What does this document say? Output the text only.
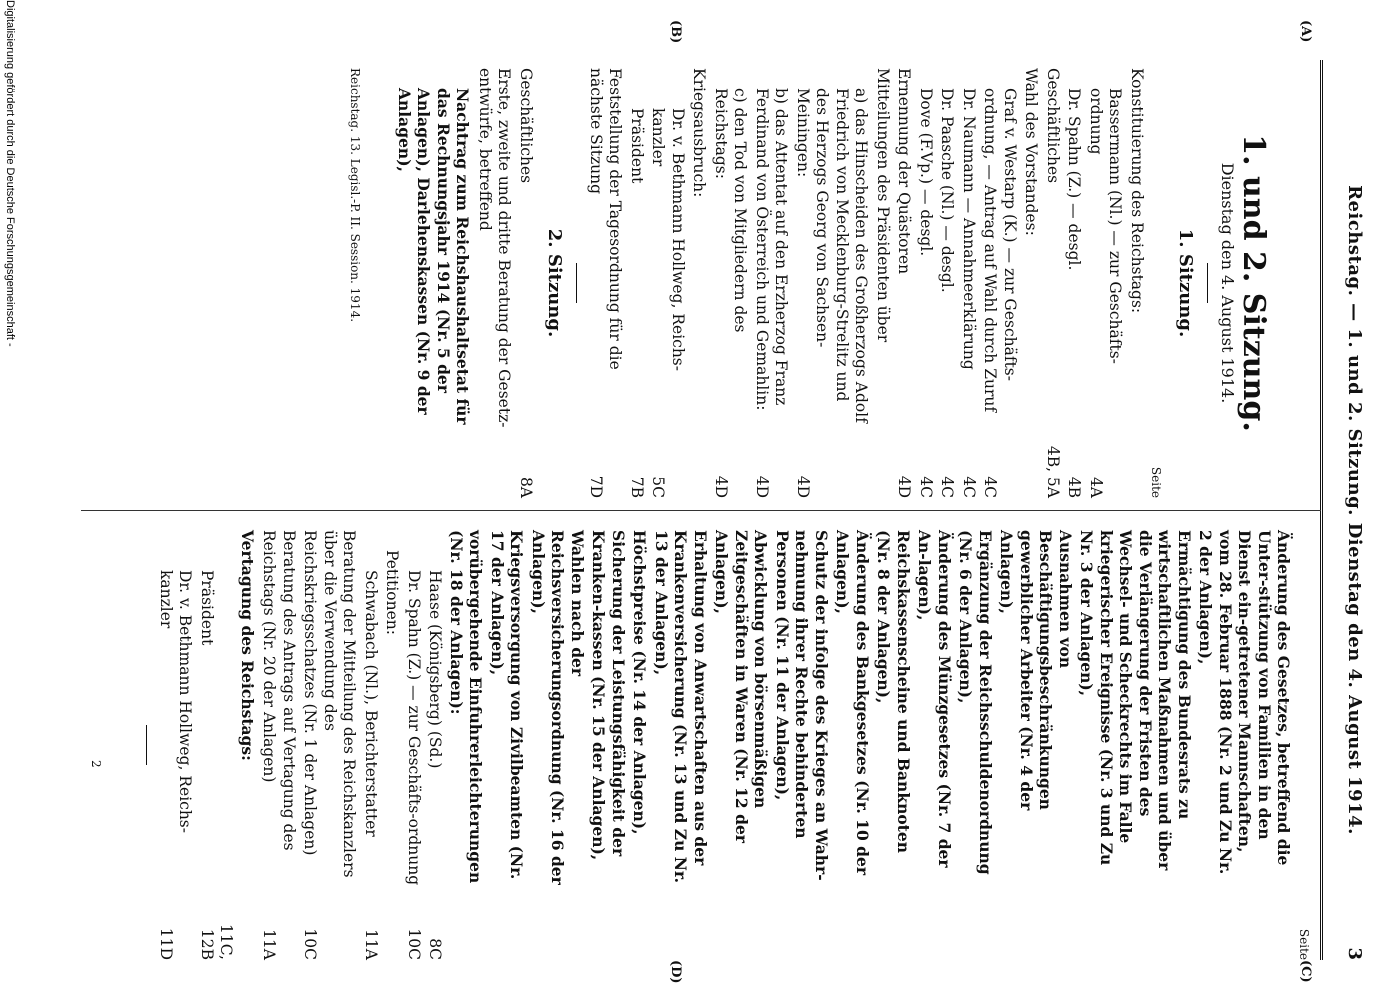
Reichstag. — 1. und 2. Sitzung. Dienstag den 4. August 1914.
3
(A)
(B)
(C)
(D)
1. und 2. Sitzung.
Dienstag den 4. August 1914.
1. Sitzung.
Seite
Konstituierung des Reichstags:
Bassermann (Nl.) — zur Geschäfts-ordnung
4A
Dr. Spahn (Z.) — desgl.
4B
Geschäftliches
4B, 5A
Wahl des Vorstandes:
Graf v. Westarp (K.) — zur Geschäfts-ordnung, — Antrag auf Wahl durch Zuruf
4C
Dr. Naumann — Annahmeerklärung
4C
Dr. Paasche (Nl.) — desgl.
4C
Dove (F.Vp.) — desgl.
4C
Ernennung der Quästoren
4D
Mitteilungen des Präsidenten über
a) das Hinscheiden des Großherzogs Adolf Friedrich von Mecklenburg-Strelitz und des Herzogs Georg von Sachsen-Meiningen:
4D
b) das Attentat auf den Erzherzog Franz Ferdinand von Österreich und Gemahlin:
4D
c) den Tod von Mitgliedern des Reichstags:
4D
Kriegsausbruch:
Dr. v. Bethmann Hollweg, Reichs-kanzler
5C
Präsident
7B
Feststellung der Tagesordnung für die nächste Sitzung
7D
2. Sitzung.
Geschäftliches
8A
Erste, zweite und dritte Beratung der Gesetz-entwürfe, betreffend
Nachtrag zum Reichshaushaltsetat für das Rechnungsjahr 1914 (Nr. 5 der Anlagen), Darlehenskassen (Nr. 9 der Anlagen),
Reichstag. 13. Legisl.-P. II. Session. 1914.
Seite
Änderung des Gesetzes, betreffend die Unter-stützung von Familien in den Dienst ein-getretener Mannschaften, vom 28. Februar 1888 (Nr. 2 und Zu Nr. 2 der Anlagen),
Ermächtigung des Bundesrats zu wirtschaftlichen Maßnahmen und über die Verlängerung der Fristen des Wechsel- und Scheckrechts im Falle kriegerischer Ereignisse (Nr. 3 und Zu Nr. 3 der Anlagen),
Ausnahmen von Beschäftigungsbeschränkungen gewerblicher Arbeiter (Nr. 4 der Anlagen),
Ergänzung der Reichsschuldenordnung (Nr. 6 der Anlagen),
Änderung des Münzgesetzes (Nr. 7 der An-lagen),
Reichskassenscheine und Banknoten (Nr. 8 der Anlagen),
Änderung des Bankgesetzes (Nr. 10 der Anlagen),
Schutz der infolge des Krieges an Wahr-nehmung ihrer Rechte behinderten Personen (Nr. 11 der Anlagen),
Abwicklung von börsenmäßigen Zeitgeschäften in Waren (Nr. 12 der Anlagen),
Erhaltung von Anwartschaften aus der Krankenversicherung (Nr. 13 und Zu Nr. 13 der Anlagen),
Höchstpreise (Nr. 14 der Anlagen),
Sicherung der Leistungsfähigkeit der Kranken-kassen (Nr. 15 der Anlagen),
Wahlen nach der Reichsversicherungsordnung (Nr. 16 der Anlagen),
Kriegsversorgung von Zivilbeamten (Nr. 17 der Anlagen),
vorübergehende Einfuhrerleichterungen (Nr. 18 der Anlagen):
Haase (Königsberg) (Sd.)
8C
Dr. Spahn (Z.) — zur Geschäfts-ordnung
10C
Petitionen:
Schwabach (Nl.), Berichterstatter
11A
Beratung der Mitteilung des Reichskanzlers über die Verwendung des Reichskriegsschatzes (Nr. 1 der Anlagen)
10C
Beratung des Antrags auf Vertagung des Reichstags (Nr. 20 der Anlagen)
11A
Vertagung des Reichstags:
Präsident
11C, 12B
Dr. v. Bethmann Hollweg, Reichs-kanzler
11D
2
Digitalisierung gefördert durch die Deutsche Forschungsgemeinschaft -
